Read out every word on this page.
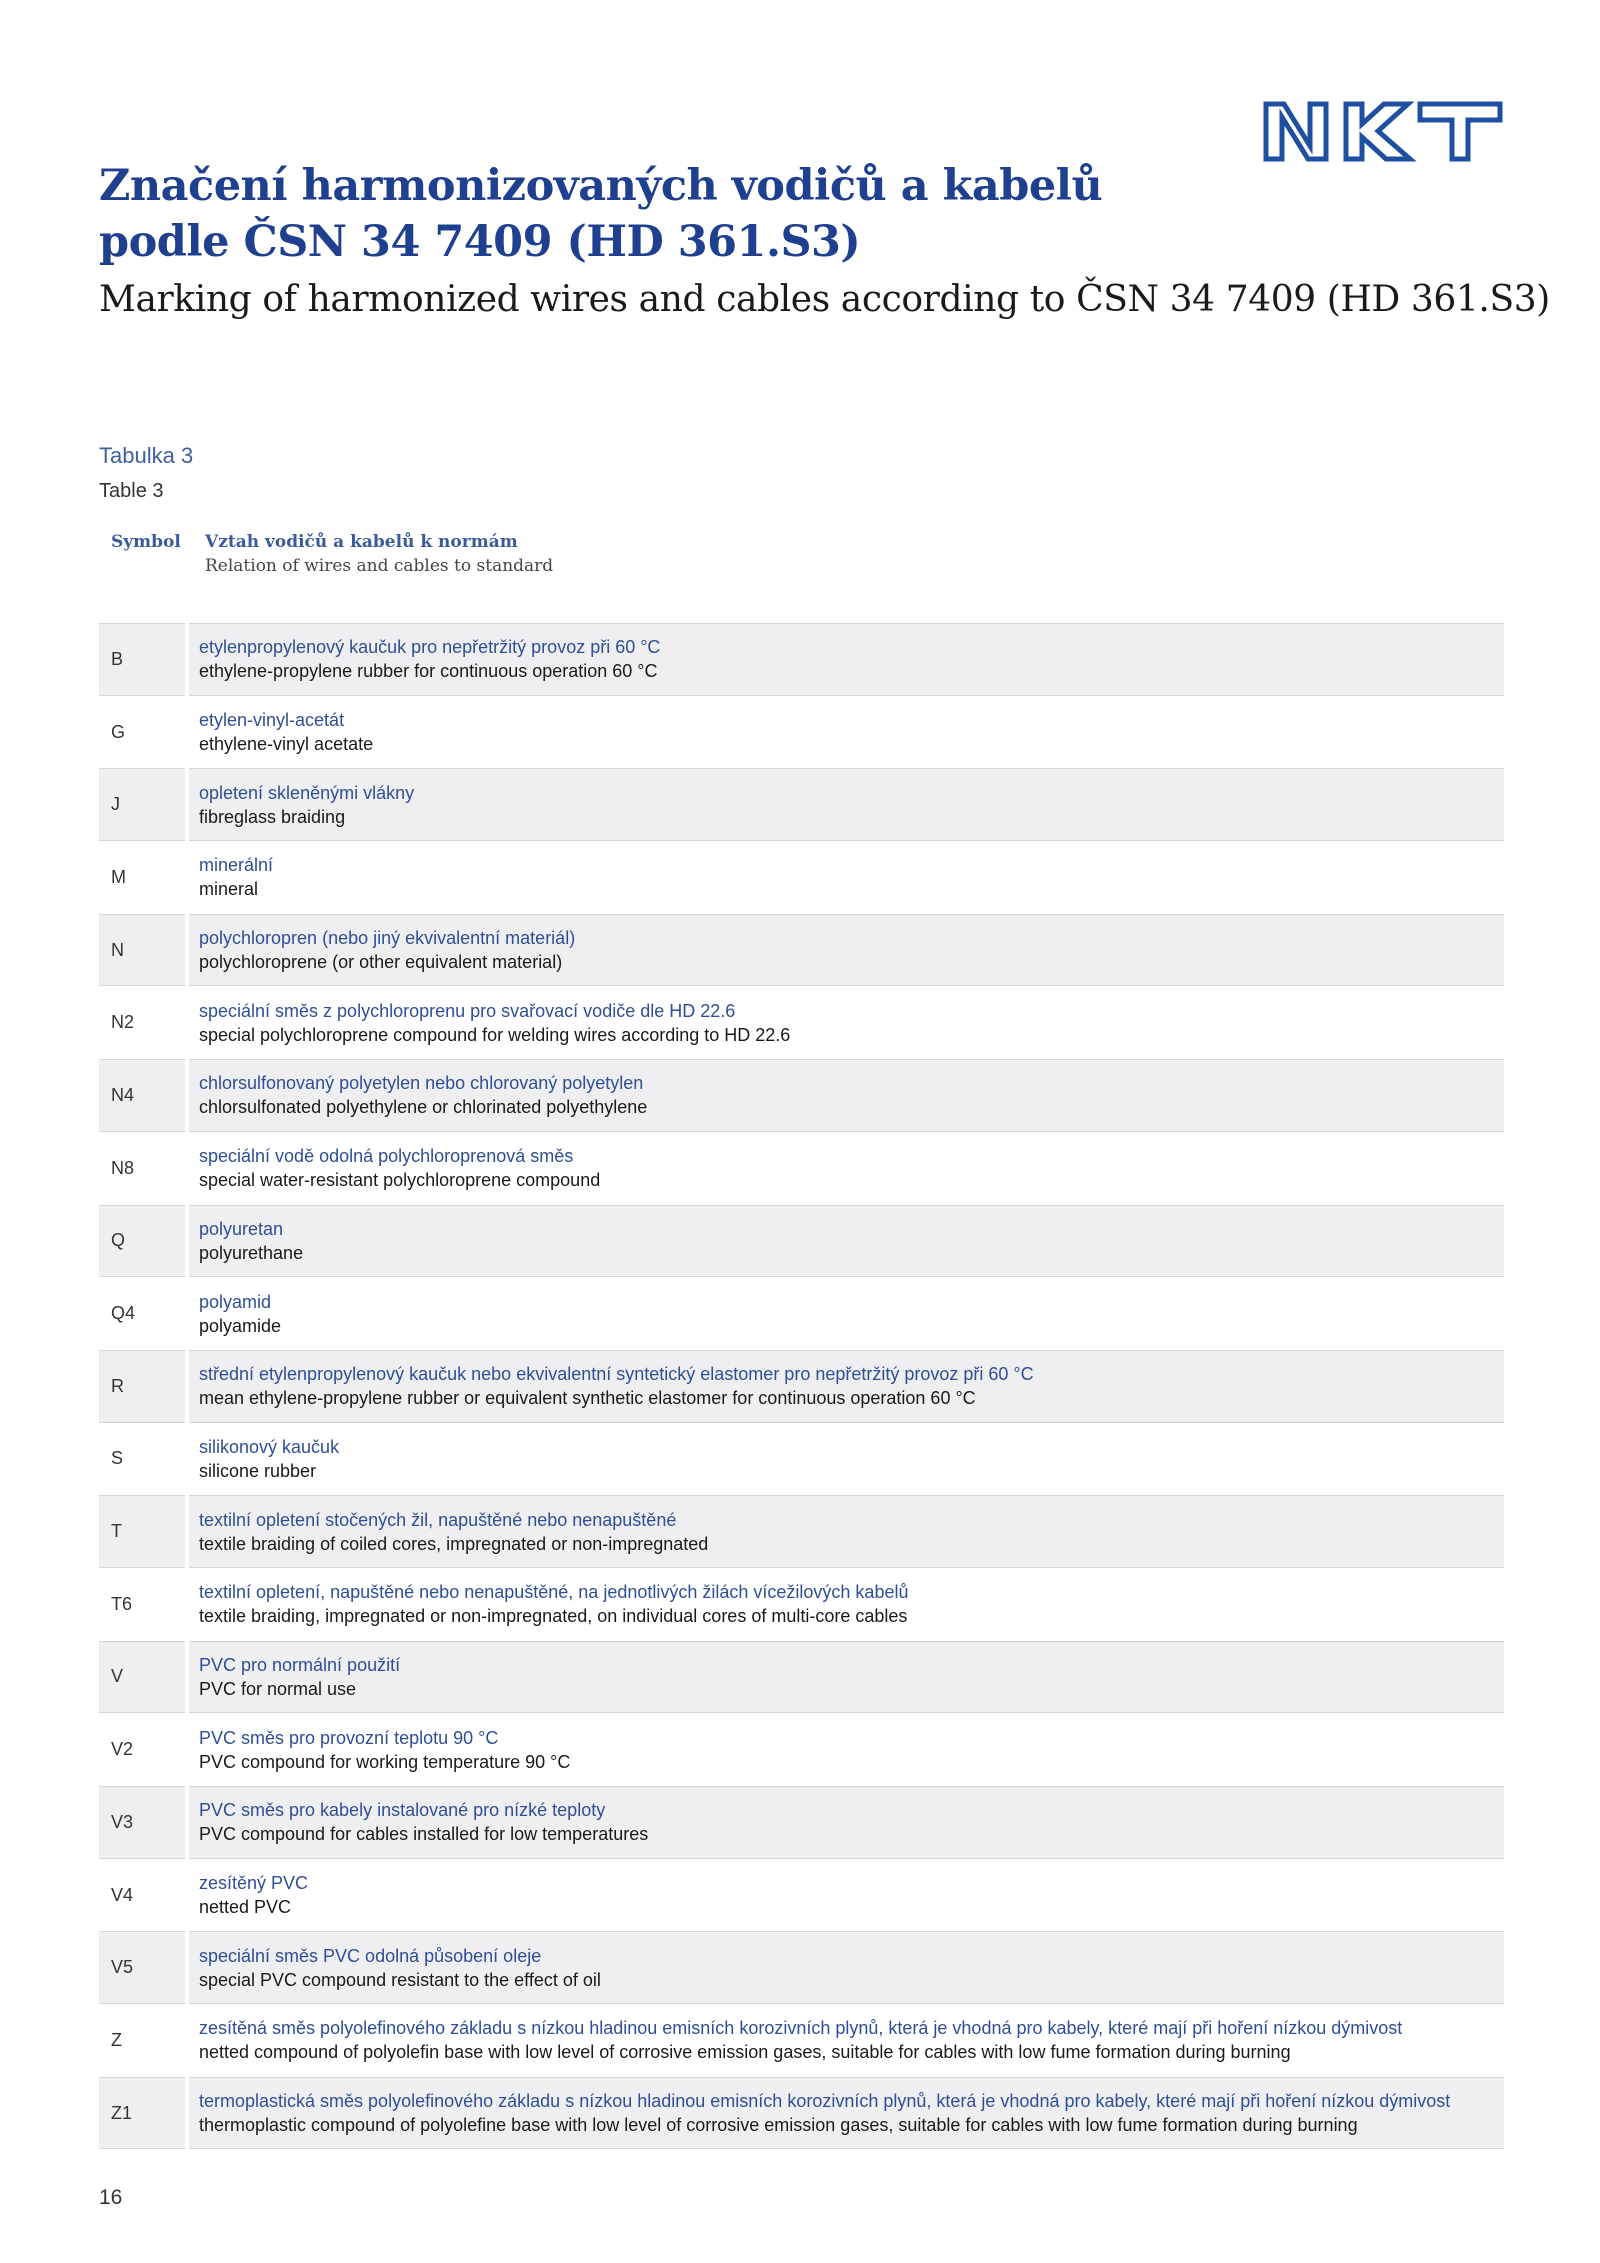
Značení harmonizovaných vodičů a kabelů
podle ČSN 34 7409 (HD 361.S3)
Marking of harmonized wires and cables according to ČSN 34 7409 (HD 361.S3)
Tabulka 3
Table 3
Symbol Vztah vodičů a kabelů k normám
Relation of wires and cables to standard
B
etylenpropylenový kaučuk pro nepřetržitý provoz při 60 °C
ethylene-propylene rubber for continuous operation 60 °C
G
etylen-vinyl-acetát
ethylene-vinyl acetate
J
opletení skleněnými vlákny
fibreglass braiding
M
minerální
mineral
N
polychloropren (nebo jiný ekvivalentní materiál)
polychloroprene (or other equivalent material)
N2
speciální směs z polychloroprenu pro svařovací vodiče dle HD 22.6
special polychloroprene compound for welding wires according to HD 22.6
N4
chlorsulfonovaný polyetylen nebo chlorovaný polyetylen
chlorsulfonated polyethylene or chlorinated polyethylene
N8
speciální vodě odolná polychloroprenová směs
special water-resistant polychloroprene compound
Q
polyuretan
polyurethane
Q4
polyamid
polyamide
R
střední etylenpropylenový kaučuk nebo ekvivalentní syntetický elastomer pro nepřetržitý provoz při 60 °C
mean ethylene-propylene rubber or equivalent synthetic elastomer for continuous operation 60 °C
S
silikonový kaučuk
silicone rubber
T
textilní opletení stočených žil, napuštěné nebo nenapuštěné
textile braiding of coiled cores, impregnated or non-impregnated
T6
textilní opletení, napuštěné nebo nenapuštěné, na jednotlivých žilách vícežilových kabelů
textile braiding, impregnated or non-impregnated, on individual cores of multi-core cables
V
PVC pro normální použití
PVC for normal use
V2
PVC směs pro provozní teplotu 90 °C
PVC compound for working temperature 90 °C
V3
PVC směs pro kabely instalované pro nízké teploty
PVC compound for cables installed for low temperatures
V4
zesítěný PVC
netted PVC
V5
speciální směs PVC odolná působení oleje
special PVC compound resistant to the effect of oil
Z
zesítěná směs polyolefinového základu s nízkou hladinou emisních korozivních plynů, která je vhodná pro kabely, které mají při hoření nízkou dýmivost
netted compound of polyolefin base with low level of corrosive emission gases, suitable for cables with low fume formation during burning
Z1
termoplastická směs polyolefinového základu s nízkou hladinou emisních korozivních plynů, která je vhodná pro kabely, které mají při hoření nízkou dýmivost
thermoplastic compound of polyolefine base with low level of corrosive emission gases, suitable for cables with low fume formation during burning
16
